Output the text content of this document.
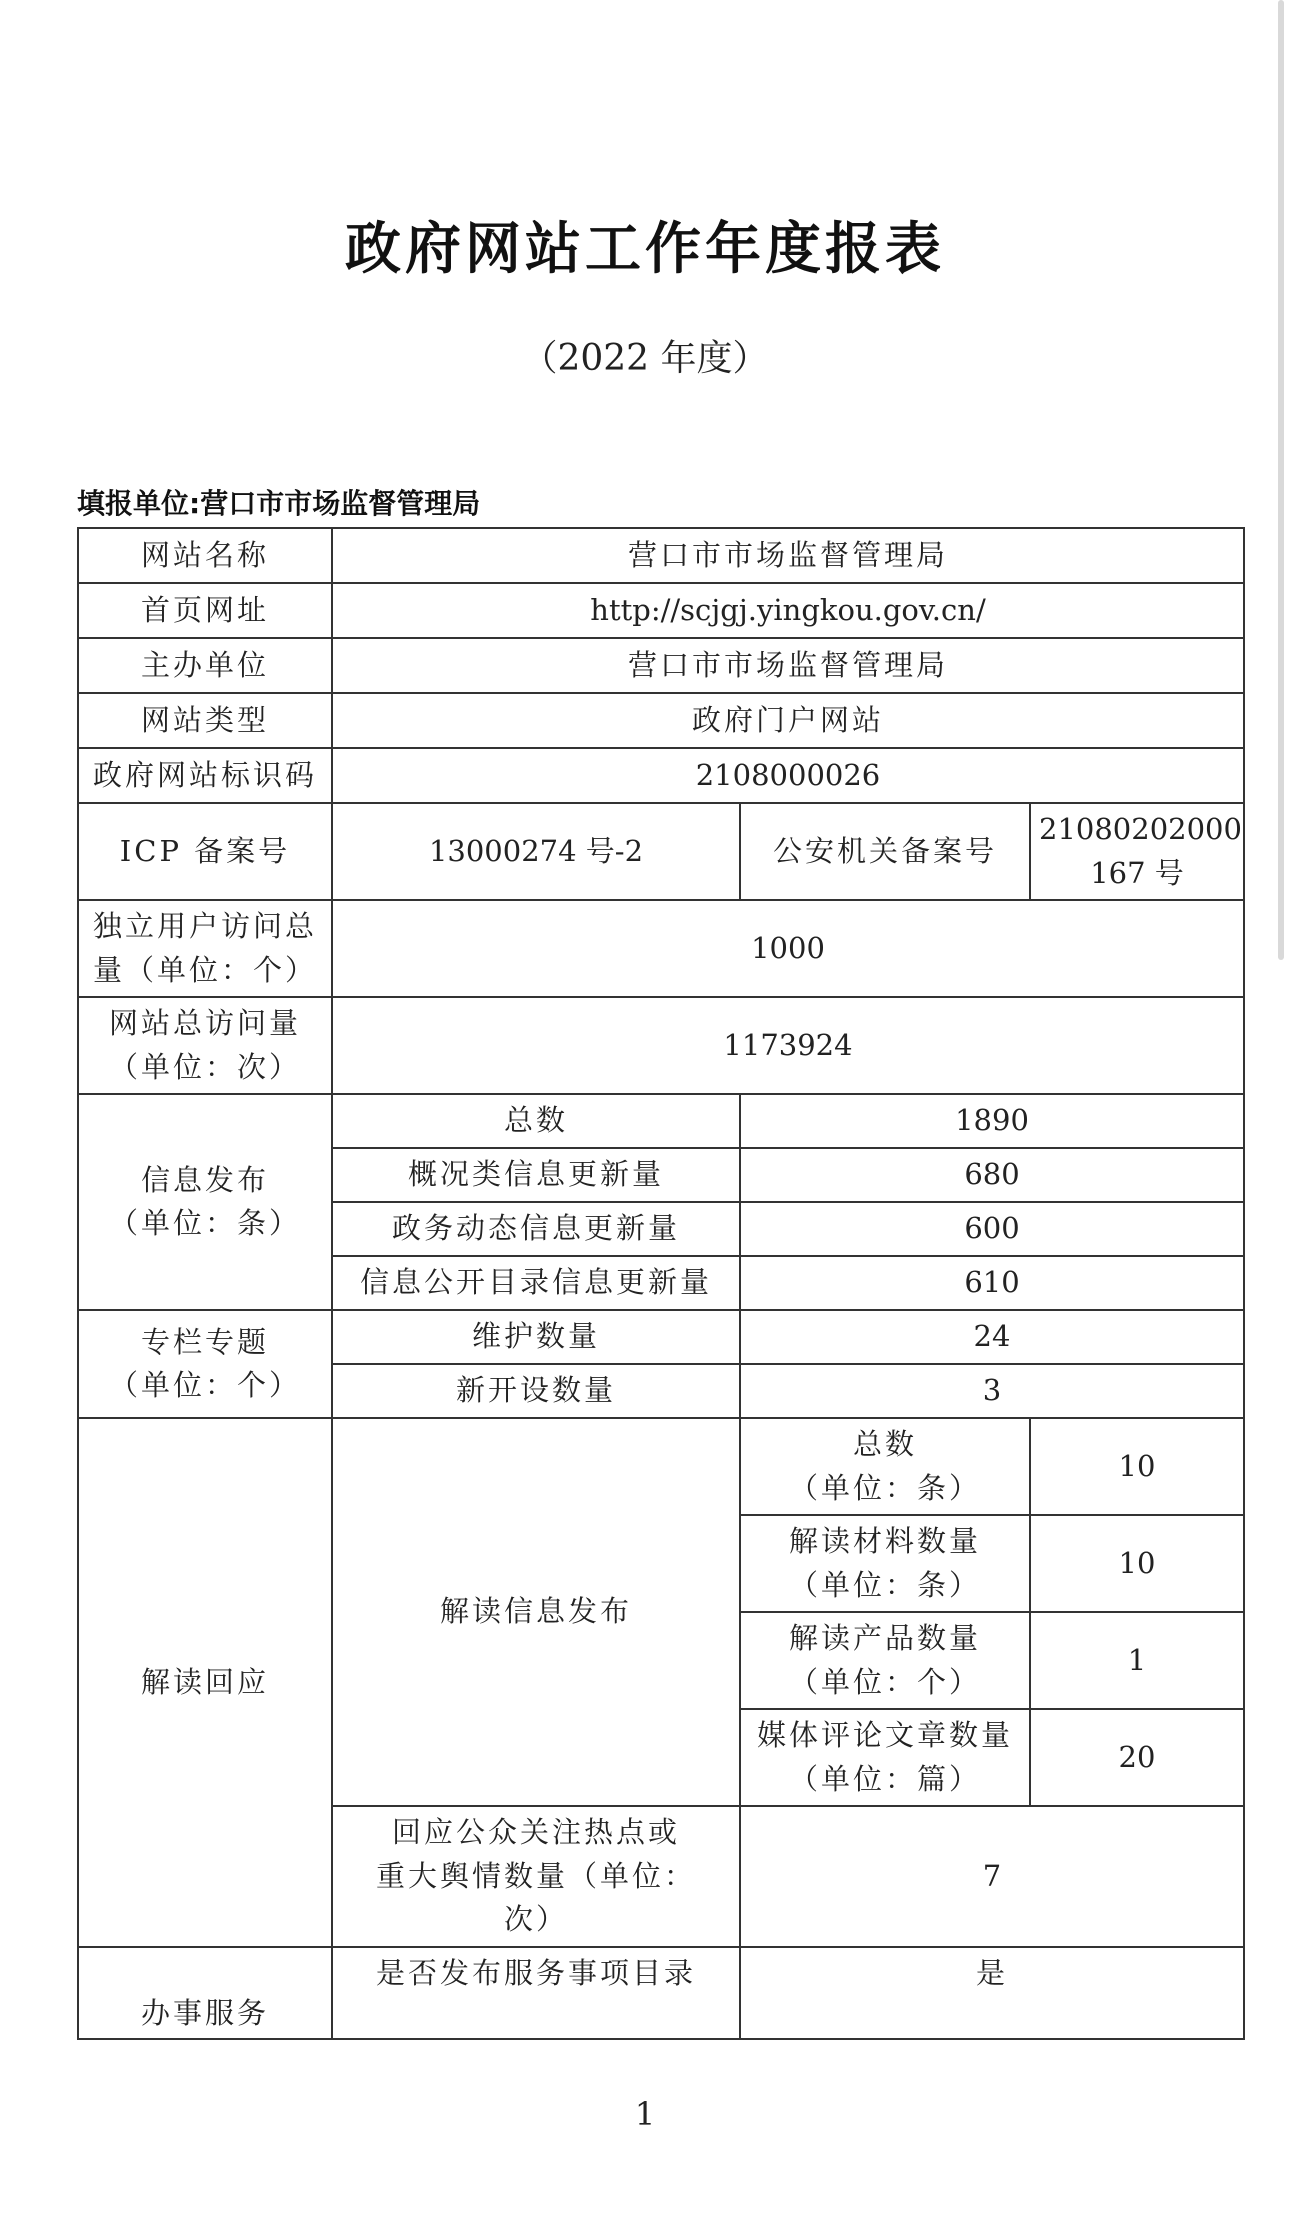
政府网站工作年度报表
（2022 年度）
填报单位:营口市市场监督管理局
网站名称	营口市市场监督管理局		
首页网址	http://scjgj.yingkou.gov.cn/		
主办单位	营口市市场监督管理局		
网站类型	政府门户网站		
政府网站标识码	2108000026		
ICP 备案号	13000274 号-2	公安机关备案号	21080202000
167 号

独立用户访问总
量（单位：个）	1000		

网站总访问量
（单位：次）	1173924		

信息发布
（单位：条）	总数	1890	
	概况类信息更新量	680	
	政务动态信息更新量	600	
	信息公开目录信息更新量	610	

专栏专题
（单位：个）	维护数量	24	
	新开设数量	3	
解读回应	解读信息发布	总数
（单位：条）	10

		解读材料数量
（单位：条）	10

		解读产品数量
（单位：个）	1

		媒体评论文章数量
（单位：篇）	20

	回应公众关注热点或
重大舆情数量（单位：
次）	7	
办事服务	是否发布服务事项目录	是	
1
